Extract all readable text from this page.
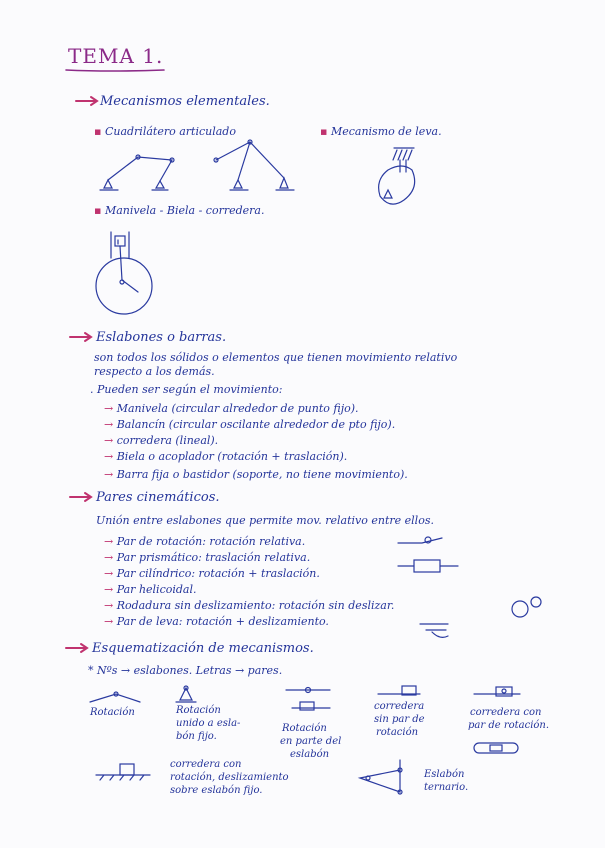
TEMA 1.
Mecanismos elementales.
▪ Cuadrilátero articulado	▪ Mecanismo de leva.
▪ Manivela - Biela - corredera.
Eslabones o barras.
son todos los sólidos o elementos que tienen movimiento relativo
respecto a los demás.
. Pueden ser según el movimiento:
→ Manivela (circular alrededor de punto fijo).
→ Balancín (circular oscilante alrededor de pto fijo).
→ corredera (lineal).
→ Biela o acoplador (rotación + traslación).
→ Barra fija o bastidor (soporte, no tiene movimiento).
Pares cinemáticos.
Unión entre eslabones que permite mov. relativo entre ellos.
→ Par de rotación: rotación relativa.
→ Par prismático: traslación relativa.
→ Par cilíndrico: rotación + traslación.
→ Par helicoidal.
→ Rodadura sin deslizamiento: rotación sin deslizar.
→ Par de leva: rotación + deslizamiento.
Esquematización de mecanismos.
* Nºs → eslabones. Letras → pares.
Rotación	Rotación
unido a esla-
bón fijo.
Rotación
en parte del
eslabón
corredera
sin par de
rotación
corredera con
par de rotación.
corredera con
rotación, deslizamiento
sobre eslabón fijo.
Eslabón
ternario.
